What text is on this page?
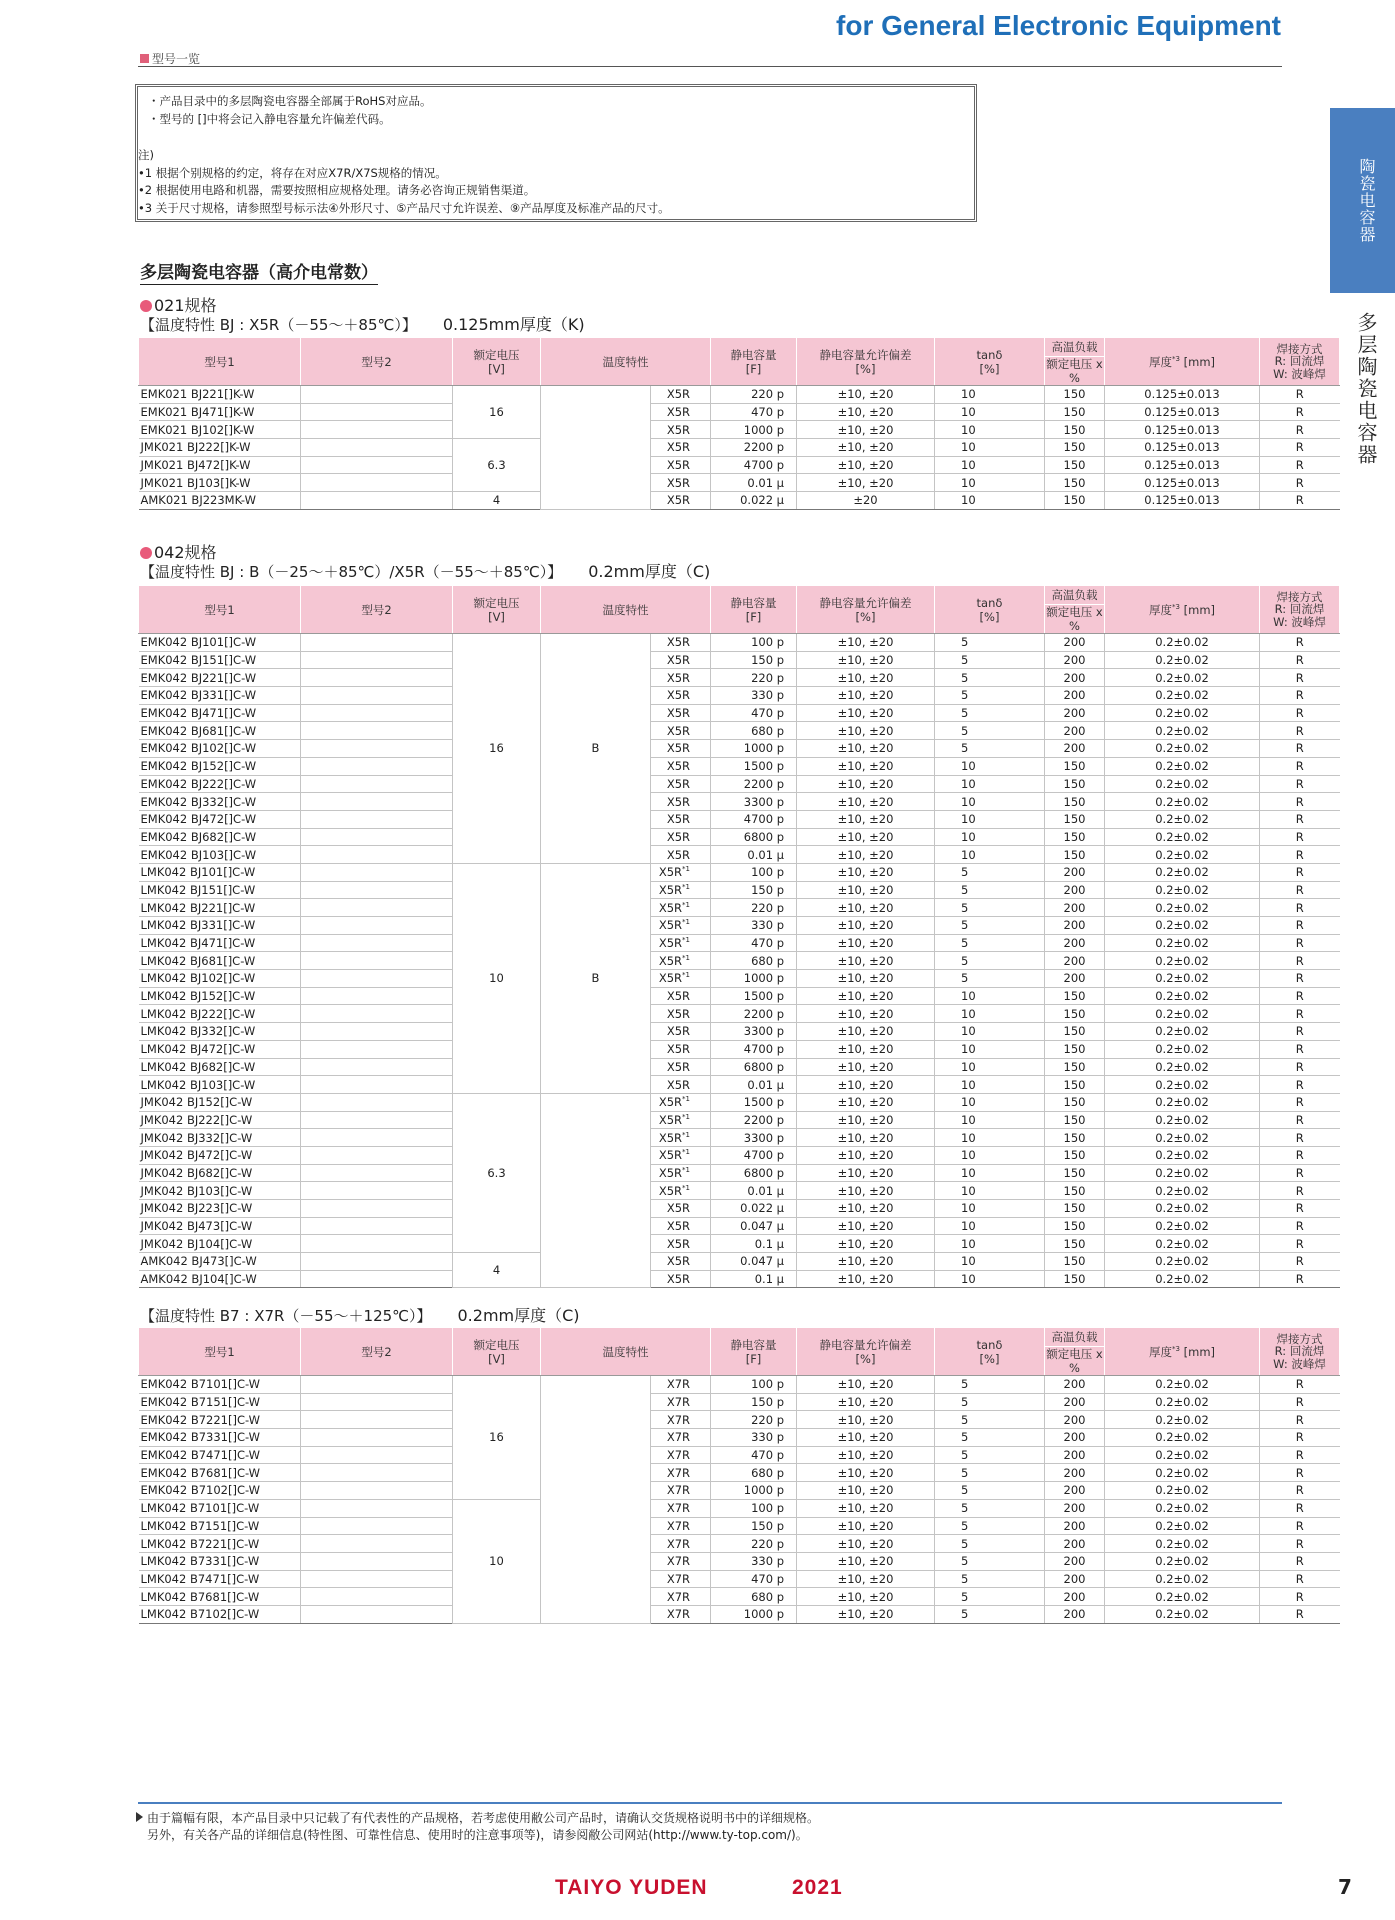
for General Electronic Equipment
型号一览
陶瓷电容器
多层陶瓷电容器
・产品目录中的多层陶瓷电容器全部属于RoHS对应品。
・型号的 []中将会记入静电容量允许偏差代码。
注)
•1 根据个别规格的约定，将存在对应X7R/X7S规格的情况。
•2 根据使用电路和机器，需要按照相应规格处理。请务必咨询正规销售渠道。
•3 关于尺寸规格，请参照型号标示法④外形尺寸、⑤产品尺寸允许误差、⑨产品厚度及标准产品的尺寸。
多层陶瓷电容器（高介电常数）
021规格
【温度特性 BJ : X5R（－55～＋85℃）】 0.125mm厚度（K)
型号1	型号2	额定电压
[V]	温度特性		静电容量
[F]	静电容量允许偏差
[%]	tanδ
[%]	高温负载	厚度$^{*3}$ [mm]	焊接方式
R: 回流焊
W: 波峰焊
								额定电压 x %		
EMK021 BJ221[]K-W		16		X5R	220 p	±10, ±20	10	150	0.125±0.013	R
EMK021 BJ471[]K-W				X5R	470 p	±10, ±20	10	150	0.125±0.013	R
EMK021 BJ102[]K-W				X5R	1000 p	±10, ±20	10	150	0.125±0.013	R
JMK021 BJ222[]K-W		6.3		X5R	2200 p	±10, ±20	10	150	0.125±0.013	R
JMK021 BJ472[]K-W				X5R	4700 p	±10, ±20	10	150	0.125±0.013	R
JMK021 BJ103[]K-W				X5R	0.01 μ	±10, ±20	10	150	0.125±0.013	R
AMK021 BJ223MK-W		4		X5R	0.022 μ	±20	10	150	0.125±0.013	R
042规格
【温度特性 BJ : B（－25～＋85℃）/X5R（－55～＋85℃）】 0.2mm厚度（C)
型号1	型号2	额定电压
[V]	温度特性		静电容量
[F]	静电容量允许偏差
[%]	tanδ
[%]	高温负载	厚度$^{*3}$ [mm]	焊接方式
R: 回流焊
W: 波峰焊
								额定电压 x %		
EMK042 BJ101[]C-W		16	B	X5R	100 p	±10, ±20	5	200	0.2±0.02	R
EMK042 BJ151[]C-W				X5R	150 p	±10, ±20	5	200	0.2±0.02	R
EMK042 BJ221[]C-W				X5R	220 p	±10, ±20	5	200	0.2±0.02	R
EMK042 BJ331[]C-W				X5R	330 p	±10, ±20	5	200	0.2±0.02	R
EMK042 BJ471[]C-W				X5R	470 p	±10, ±20	5	200	0.2±0.02	R
EMK042 BJ681[]C-W				X5R	680 p	±10, ±20	5	200	0.2±0.02	R
EMK042 BJ102[]C-W				X5R	1000 p	±10, ±20	5	200	0.2±0.02	R
EMK042 BJ152[]C-W				X5R	1500 p	±10, ±20	10	150	0.2±0.02	R
EMK042 BJ222[]C-W				X5R	2200 p	±10, ±20	10	150	0.2±0.02	R
EMK042 BJ332[]C-W				X5R	3300 p	±10, ±20	10	150	0.2±0.02	R
EMK042 BJ472[]C-W				X5R	4700 p	±10, ±20	10	150	0.2±0.02	R
EMK042 BJ682[]C-W				X5R	6800 p	±10, ±20	10	150	0.2±0.02	R
EMK042 BJ103[]C-W				X5R	0.01 μ	±10, ±20	10	150	0.2±0.02	R
LMK042 BJ101[]C-W		10	B	$X5R^{*1}$	100 p	±10, ±20	5	200	0.2±0.02	R
LMK042 BJ151[]C-W				$X5R^{*1}$	150 p	±10, ±20	5	200	0.2±0.02	R
LMK042 BJ221[]C-W				$X5R^{*1}$	220 p	±10, ±20	5	200	0.2±0.02	R
LMK042 BJ331[]C-W				$X5R^{*1}$	330 p	±10, ±20	5	200	0.2±0.02	R
LMK042 BJ471[]C-W				$X5R^{*1}$	470 p	±10, ±20	5	200	0.2±0.02	R
LMK042 BJ681[]C-W				$X5R^{*1}$	680 p	±10, ±20	5	200	0.2±0.02	R
LMK042 BJ102[]C-W				$X5R^{*1}$	1000 p	±10, ±20	5	200	0.2±0.02	R
LMK042 BJ152[]C-W				X5R	1500 p	±10, ±20	10	150	0.2±0.02	R
LMK042 BJ222[]C-W				X5R	2200 p	±10, ±20	10	150	0.2±0.02	R
LMK042 BJ332[]C-W				X5R	3300 p	±10, ±20	10	150	0.2±0.02	R
LMK042 BJ472[]C-W				X5R	4700 p	±10, ±20	10	150	0.2±0.02	R
LMK042 BJ682[]C-W				X5R	6800 p	±10, ±20	10	150	0.2±0.02	R
LMK042 BJ103[]C-W				X5R	0.01 μ	±10, ±20	10	150	0.2±0.02	R
JMK042 BJ152[]C-W		6.3		$X5R^{*1}$	1500 p	±10, ±20	10	150	0.2±0.02	R
JMK042 BJ222[]C-W				$X5R^{*1}$	2200 p	±10, ±20	10	150	0.2±0.02	R
JMK042 BJ332[]C-W				$X5R^{*1}$	3300 p	±10, ±20	10	150	0.2±0.02	R
JMK042 BJ472[]C-W				$X5R^{*1}$	4700 p	±10, ±20	10	150	0.2±0.02	R
JMK042 BJ682[]C-W				$X5R^{*1}$	6800 p	±10, ±20	10	150	0.2±0.02	R
JMK042 BJ103[]C-W				$X5R^{*1}$	0.01 μ	±10, ±20	10	150	0.2±0.02	R
JMK042 BJ223[]C-W				X5R	0.022 μ	±10, ±20	10	150	0.2±0.02	R
JMK042 BJ473[]C-W				X5R	0.047 μ	±10, ±20	10	150	0.2±0.02	R
JMK042 BJ104[]C-W				X5R	0.1 μ	±10, ±20	10	150	0.2±0.02	R
AMK042 BJ473[]C-W		4		X5R	0.047 μ	±10, ±20	10	150	0.2±0.02	R
AMK042 BJ104[]C-W				X5R	0.1 μ	±10, ±20	10	150	0.2±0.02	R
【温度特性 B7 : X7R（－55～＋125℃）】 0.2mm厚度（C)
型号1	型号2	额定电压
[V]	温度特性		静电容量
[F]	静电容量允许偏差
[%]	tanδ
[%]	高温负载	厚度$^{*3}$ [mm]	焊接方式
R: 回流焊
W: 波峰焊
								额定电压 x %		
EMK042 B7101[]C-W		16		X7R	100 p	±10, ±20	5	200	0.2±0.02	R
EMK042 B7151[]C-W				X7R	150 p	±10, ±20	5	200	0.2±0.02	R
EMK042 B7221[]C-W				X7R	220 p	±10, ±20	5	200	0.2±0.02	R
EMK042 B7331[]C-W				X7R	330 p	±10, ±20	5	200	0.2±0.02	R
EMK042 B7471[]C-W				X7R	470 p	±10, ±20	5	200	0.2±0.02	R
EMK042 B7681[]C-W				X7R	680 p	±10, ±20	5	200	0.2±0.02	R
EMK042 B7102[]C-W				X7R	1000 p	±10, ±20	5	200	0.2±0.02	R
LMK042 B7101[]C-W		10		X7R	100 p	±10, ±20	5	200	0.2±0.02	R
LMK042 B7151[]C-W				X7R	150 p	±10, ±20	5	200	0.2±0.02	R
LMK042 B7221[]C-W				X7R	220 p	±10, ±20	5	200	0.2±0.02	R
LMK042 B7331[]C-W				X7R	330 p	±10, ±20	5	200	0.2±0.02	R
LMK042 B7471[]C-W				X7R	470 p	±10, ±20	5	200	0.2±0.02	R
LMK042 B7681[]C-W				X7R	680 p	±10, ±20	5	200	0.2±0.02	R
LMK042 B7102[]C-W				X7R	1000 p	±10, ±20	5	200	0.2±0.02	R
由于篇幅有限，本产品目录中只记载了有代表性的产品规格，若考虑使用敝公司产品时，请确认交货规格说明书中的详细规格。
另外，有关各产品的详细信息(特性图、可靠性信息、使用时的注意事项等)，请参阅敝公司网站(http://www.ty-top.com/)。
TAIYO YUDEN	2021	7
